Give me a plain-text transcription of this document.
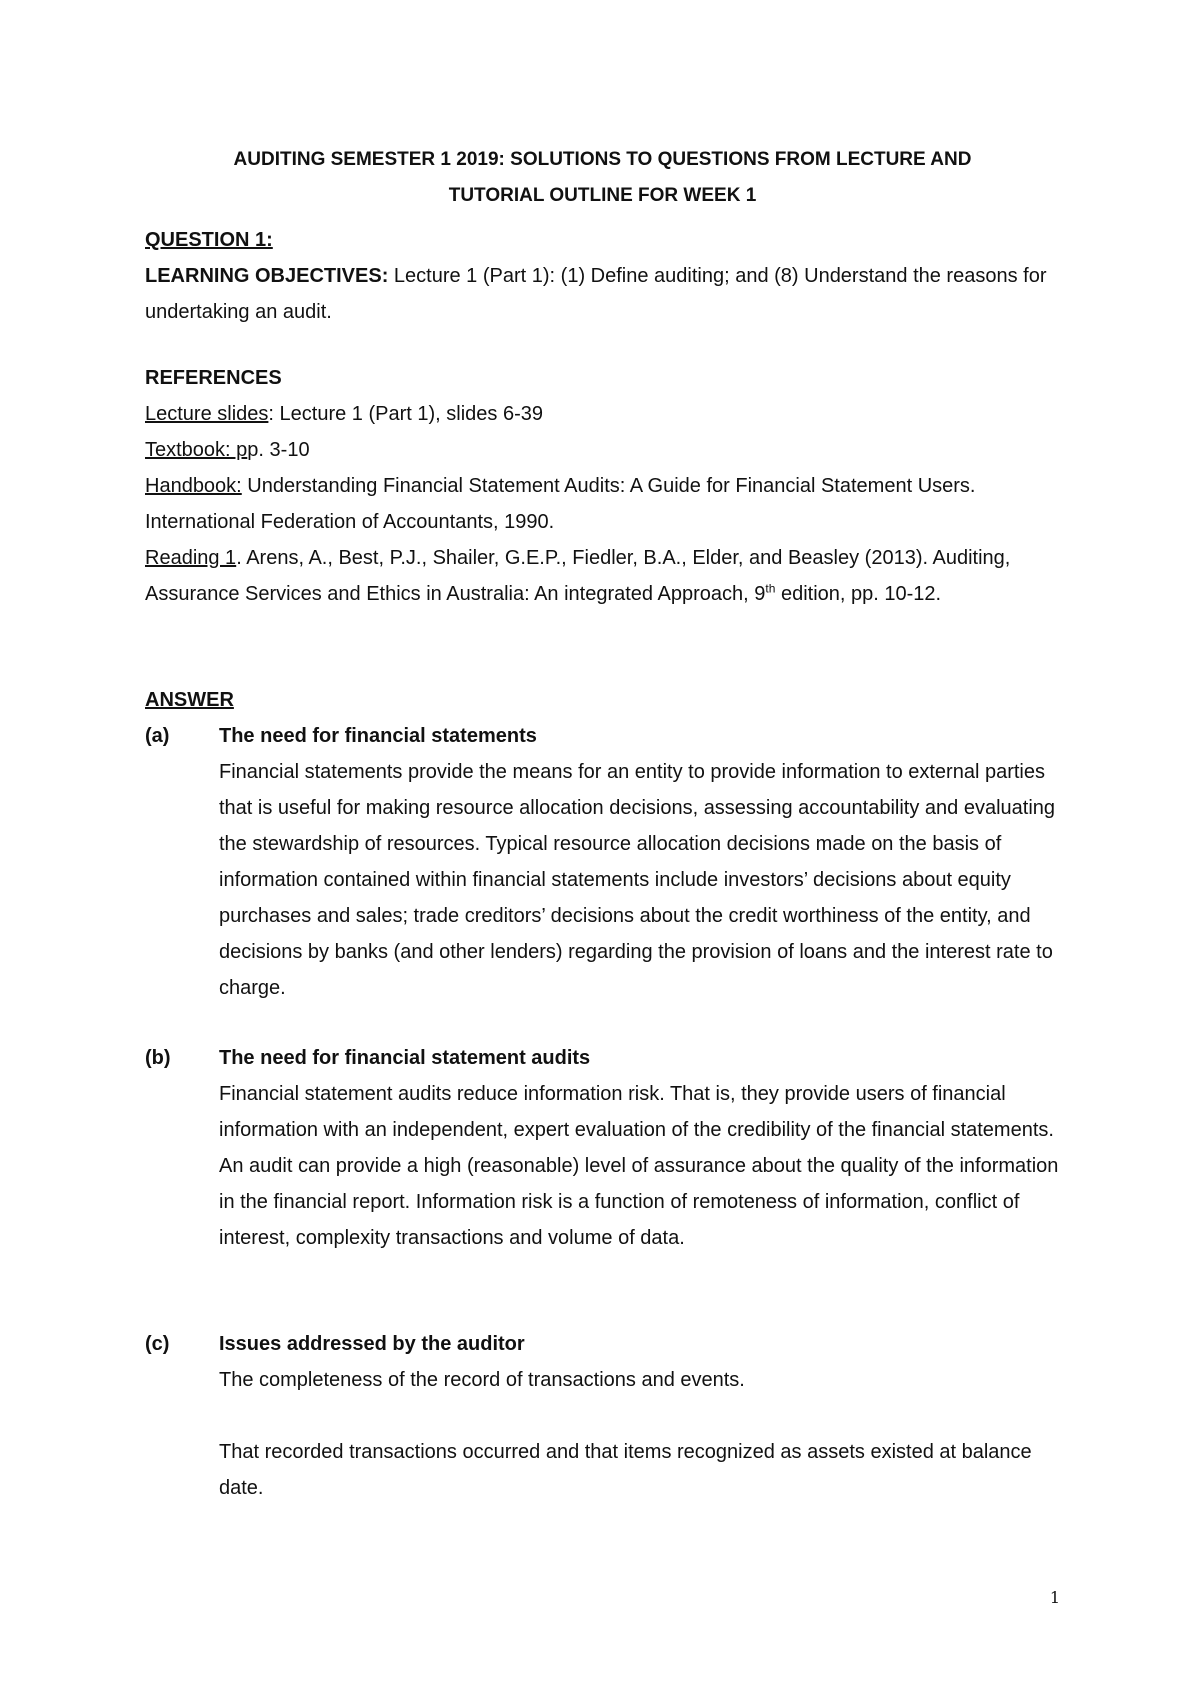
AUDITING SEMESTER 1 2019: SOLUTIONS TO QUESTIONS FROM LECTURE AND
TUTORIAL OUTLINE FOR WEEK 1
QUESTION 1:
LEARNING OBJECTIVES: Lecture 1 (Part 1): (1) Define auditing; and (8) Understand the reasons for undertaking an audit.
REFERENCES
Lecture slides: Lecture 1 (Part 1), slides 6-39
Textbook: pp. 3-10
Handbook: Understanding Financial Statement Audits: A Guide for Financial Statement Users. International Federation of Accountants, 1990.
Reading 1. Arens, A., Best, P.J., Shailer, G.E.P., Fiedler, B.A., Elder, and Beasley (2013). Auditing, Assurance Services and Ethics in Australia: An integrated Approach, 9th edition, pp. 10-12.
ANSWER
(a) The need for financial statements
Financial statements provide the means for an entity to provide information to external parties that is useful for making resource allocation decisions, assessing accountability and evaluating the stewardship of resources. Typical resource allocation decisions made on the basis of information contained within financial statements include investors’ decisions about equity purchases and sales; trade creditors’ decisions about the credit worthiness of the entity, and decisions by banks (and other lenders) regarding the provision of loans and the interest rate to charge.
(b) The need for financial statement audits
Financial statement audits reduce information risk. That is, they provide users of financial information with an independent, expert evaluation of the credibility of the financial statements. An audit can provide a high (reasonable) level of assurance about the quality of the information in the financial report. Information risk is a function of remoteness of information, conflict of interest, complexity transactions and volume of data.
(c) Issues addressed by the auditor
The completeness of the record of transactions and events.
That recorded transactions occurred and that items recognized as assets existed at balance date.
1
